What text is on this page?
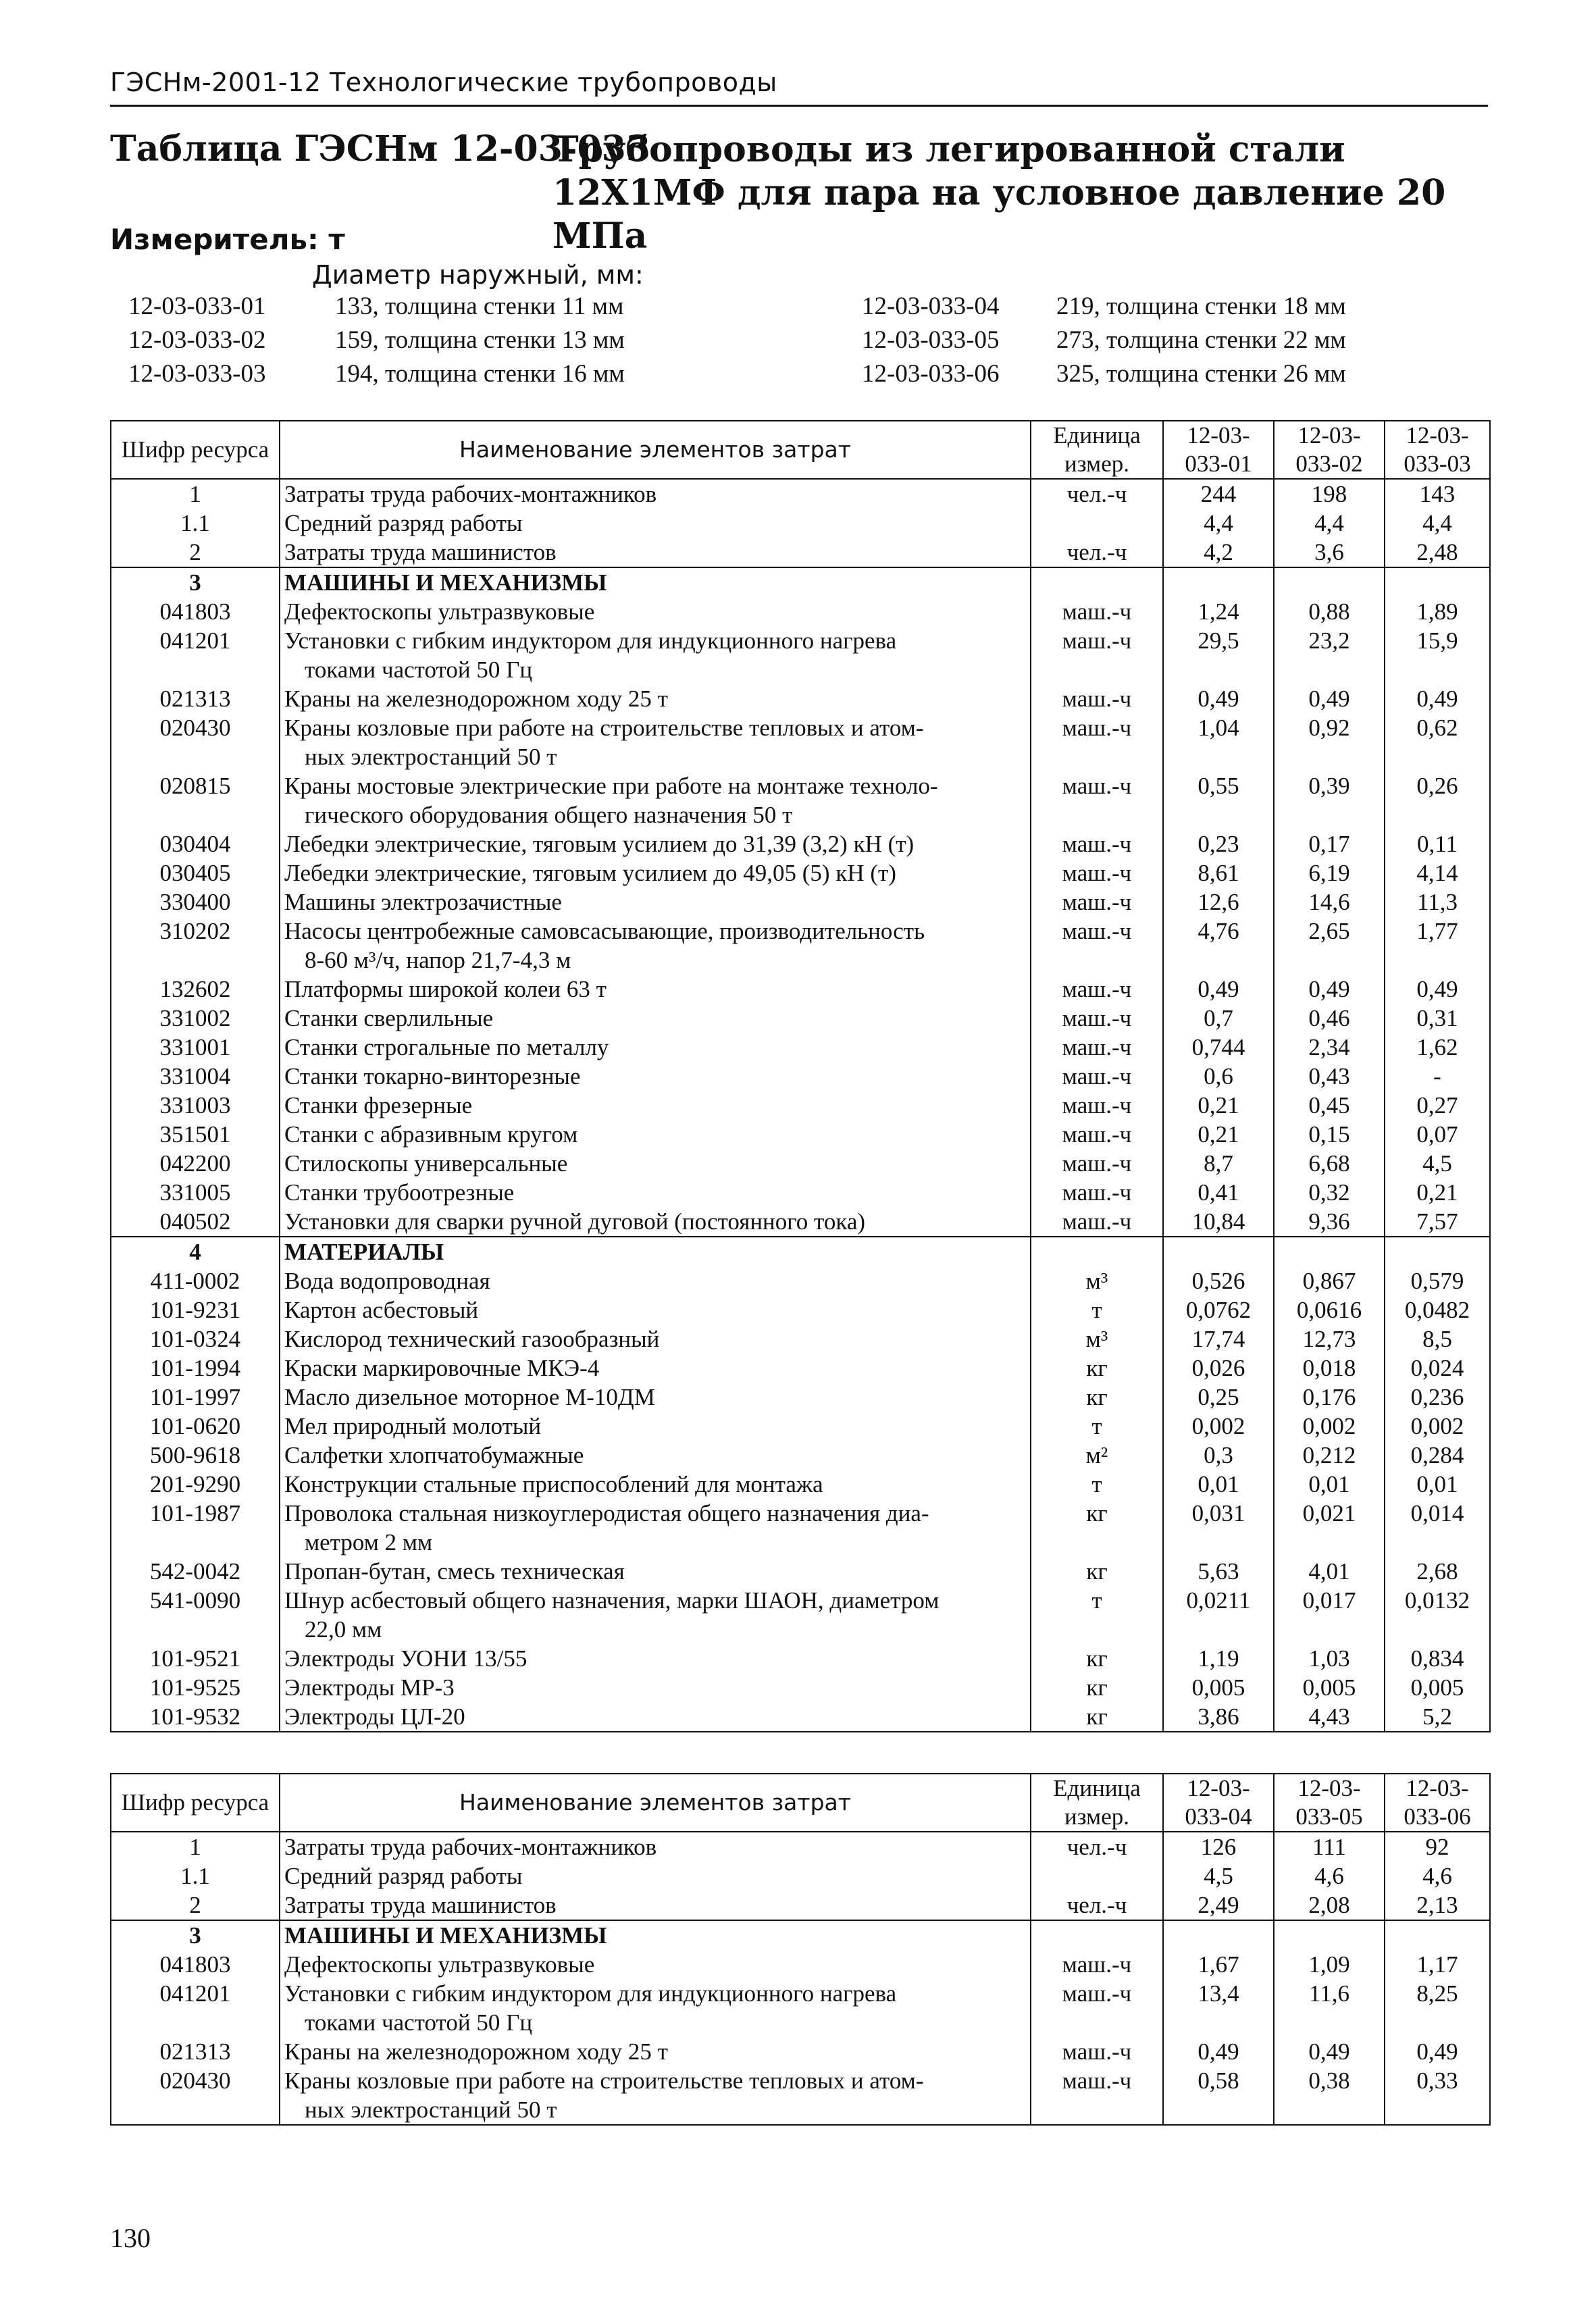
ГЭСНм-2001-12 Технологические трубопроводы
Таблица ГЭСНм 12-03-033
Трубопроводы из легированной стали 12Х1МФ для пара на условное давление 20 МПа
Измеритель: т
Диаметр наружный, мм:
12-03-033-01	133, толщина стенки 11 мм
12-03-033-02	159, толщина стенки 13 мм
12-03-033-03	194, толщина стенки 16 мм
12-03-033-04 219, толщина стенки 18 мм
12-03-033-05 273, толщина стенки 22 мм
12-03-033-06 325, толщина стенки 26 мм
Шифр ресурса	Наименование элементов затрат	Единица измер.	12-03-033-01	12-03-033-02	12-03-033-03
1	Затраты труда рабочих-монтажников	чел.-ч	244	198	143
1.1	Средний разряд работы		4,4	4,4	4,4
2	Затраты труда машинистов	чел.-ч	4,2	3,6	2,48
3	МАШИНЫ И МЕХАНИЗМЫ				
041803	Дефектоскопы ультразвуковые	маш.-ч	1,24	0,88	1,89
041201	Установки с гибким индуктором для индукционного нагрева
токами частотой 50 Гц	маш.-ч	29,5	23,2	15,9
021313	Краны на железнодорожном ходу 25 т	маш.-ч	0,49	0,49	0,49
020430	Краны козловые при работе на строительстве тепловых и атом-
ных электростанций 50 т	маш.-ч	1,04	0,92	0,62
020815	Краны мостовые электрические при работе на монтаже техноло-
гического оборудования общего назначения 50 т	маш.-ч	0,55	0,39	0,26
030404	Лебедки электрические, тяговым усилием до 31,39 (3,2) кН (т)	маш.-ч	0,23	0,17	0,11
030405	Лебедки электрические, тяговым усилием до 49,05 (5) кН (т)	маш.-ч	8,61	6,19	4,14
330400	Машины электрозачистные	маш.-ч	12,6	14,6	11,3
310202	Насосы центробежные самовсасывающие, производительность
8-60 м³/ч, напор 21,7-4,3 м	маш.-ч	4,76	2,65	1,77
132602	Платформы широкой колеи 63 т	маш.-ч	0,49	0,49	0,49
331002	Станки сверлильные	маш.-ч	0,7	0,46	0,31
331001	Станки строгальные по металлу	маш.-ч	0,744	2,34	1,62
331004	Станки токарно-винторезные	маш.-ч	0,6	0,43	-
331003	Станки фрезерные	маш.-ч	0,21	0,45	0,27
351501	Станки с абразивным кругом	маш.-ч	0,21	0,15	0,07
042200	Стилоскопы универсальные	маш.-ч	8,7	6,68	4,5
331005	Станки трубоотрезные	маш.-ч	0,41	0,32	0,21
040502	Установки для сварки ручной дуговой (постоянного тока)	маш.-ч	10,84	9,36	7,57
4	МАТЕРИАЛЫ				
411-0002	Вода водопроводная	м³	0,526	0,867	0,579
101-9231	Картон асбестовый	т	0,0762	0,0616	0,0482
101-0324	Кислород технический газообразный	м³	17,74	12,73	8,5
101-1994	Краски маркировочные МКЭ-4	кг	0,026	0,018	0,024
101-1997	Масло дизельное моторное М-10ДМ	кг	0,25	0,176	0,236
101-0620	Мел природный молотый	т	0,002	0,002	0,002
500-9618	Салфетки хлопчатобумажные	м²	0,3	0,212	0,284
201-9290	Конструкции стальные приспособлений для монтажа	т	0,01	0,01	0,01
101-1987	Проволока стальная низкоуглеродистая общего назначения диа-
метром 2 мм	кг	0,031	0,021	0,014
542-0042	Пропан-бутан, смесь техническая	кг	5,63	4,01	2,68
541-0090	Шнур асбестовый общего назначения, марки ШАОН, диаметром
22,0 мм	т	0,0211	0,017	0,0132
101-9521	Электроды УОНИ 13/55	кг	1,19	1,03	0,834
101-9525	Электроды МР-3	кг	0,005	0,005	0,005
101-9532	Электроды ЦЛ-20	кг	3,86	4,43	5,2
Шифр ресурса	Наименование элементов затрат	Единица измер.	12-03-033-04	12-03-033-05	12-03-033-06
1	Затраты труда рабочих-монтажников	чел.-ч	126	111	92
1.1	Средний разряд работы		4,5	4,6	4,6
2	Затраты труда машинистов	чел.-ч	2,49	2,08	2,13
3	МАШИНЫ И МЕХАНИЗМЫ				
041803	Дефектоскопы ультразвуковые	маш.-ч	1,67	1,09	1,17
041201	Установки с гибким индуктором для индукционного нагрева
токами частотой 50 Гц	маш.-ч	13,4	11,6	8,25
021313	Краны на железнодорожном ходу 25 т	маш.-ч	0,49	0,49	0,49
020430	Краны козловые при работе на строительстве тепловых и атом-
ных электростанций 50 т	маш.-ч	0,58	0,38	0,33
130
